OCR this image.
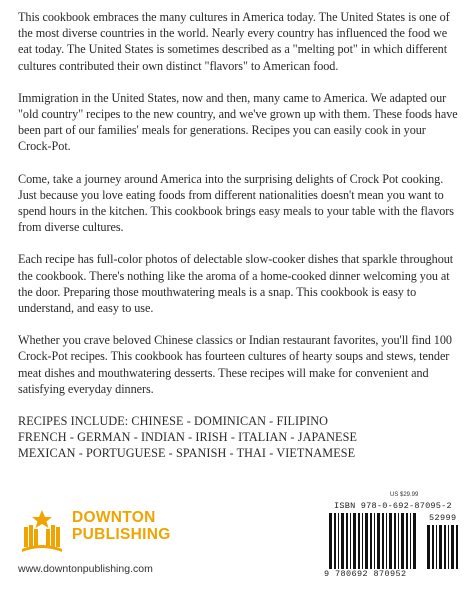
This cookbook embraces the many cultures in America today. The United States is one of the most diverse countries in the world. Nearly every country has influenced the food we eat today. The United States is sometimes described as a "melting pot" in which different cultures contributed their own distinct "flavors" to American food.

Immigration in the United States, now and then, many came to America. We adapted our "old country" recipes to the new country, and we've grown up with them. These foods have been part of our families' meals for generations. Recipes you can easily cook in your Crock-Pot.

Come, take a journey around America into the surprising delights of Crock Pot cooking. Just because you love eating foods from different nationalities doesn't mean you want to spend hours in the kitchen. This cookbook brings easy meals to your table with the flavors from diverse cultures.

Each recipe has full-color photos of delectable slow-cooker dishes that sparkle throughout the cookbook. There's nothing like the aroma of a home-cooked dinner welcoming you at the door. Preparing those mouthwatering meals is a snap. This cookbook is easy to understand, and easy to use.

Whether you crave beloved Chinese classics or Indian restaurant favorites, you'll find 100 Crock-Pot recipes. This cookbook has fourteen cultures of hearty soups and stews, tender meat dishes and mouthwatering desserts. These recipes will make for convenient and satisfying everyday dinners.

RECIPES INCLUDE: CHINESE - DOMINICAN - FILIPINO
FRENCH - GERMAN - INDIAN - IRISH - ITALIAN - JAPANESE
MEXICAN - PORTUGUESE - SPANISH - THAI - VIETNAMESE
DOWNTON
PUBLISHING
www.downtonpublishing.com
US $29.99
ISBN 978-0-692-87095-2
52999
9 780692 870952
